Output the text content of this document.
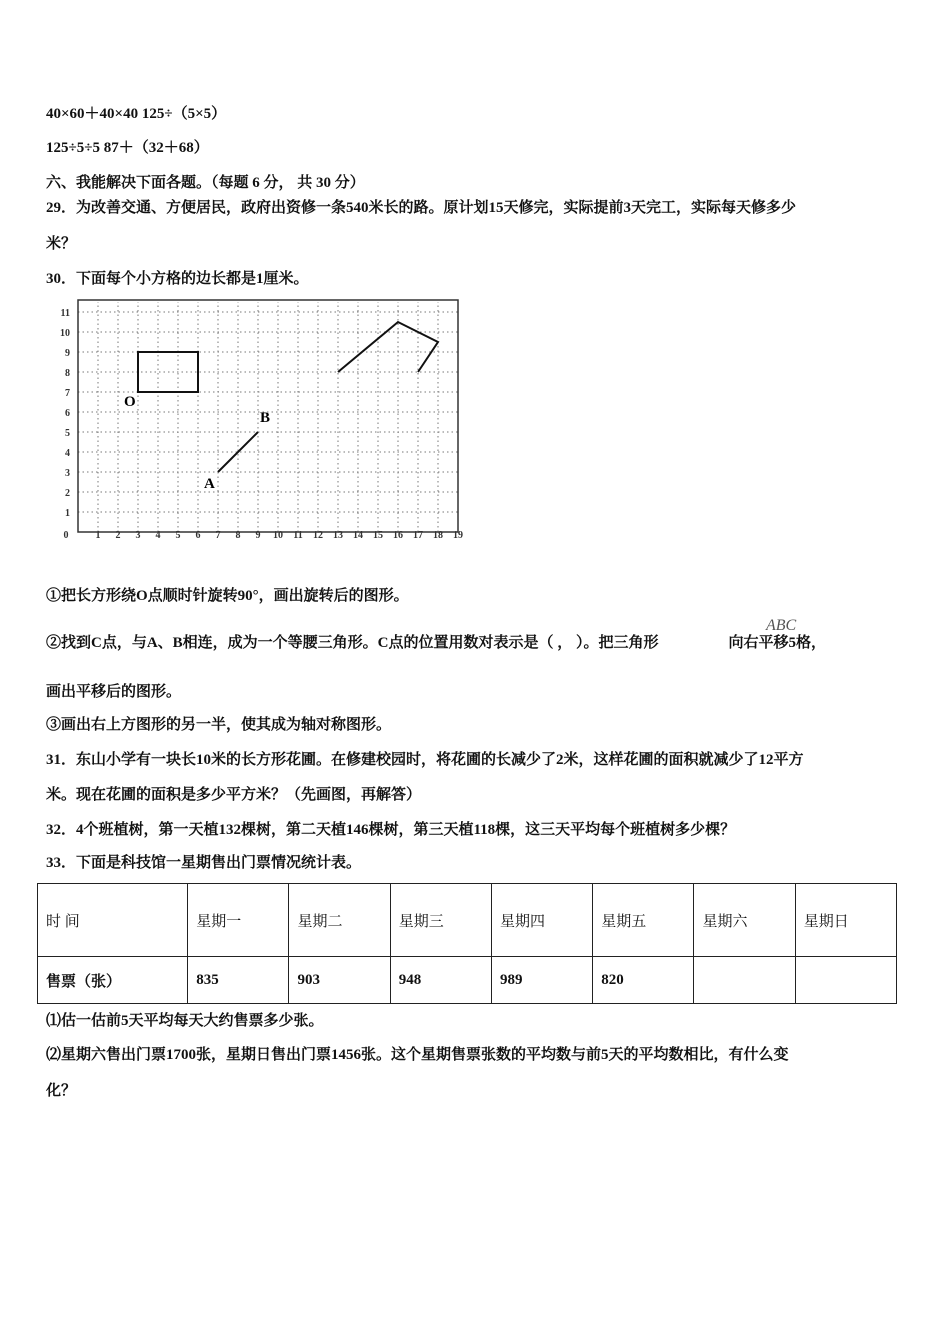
40×60＋40×40 125÷（5×5）
125÷5÷5 87＋（32＋68）
六、我能解决下面各题。（每题 6 分， 共 30 分）
29．为改善交通、方便居民，政府出资修一条540米长的路。原计划15天修完，实际提前3天完工，实际每天修多少
米？
30．下面每个小方格的边长都是1厘米。
0	1 2 3 4 5 6 7 8 9 10 11 12 13 14 15 16 17 18 19
1
2
3
4
5
6
7
8
9
10
11
O
A
B
①把长方形绕O点顺时针旋转90°，画出旋转后的图形。
②找到C点，与A、B相连，成为一个等腰三角形。C点的位置用数对表示是（ ， ）。把三角形	向右平移5格，
ABC
画出平移后的图形。
③画出右上方图形的另一半，使其成为轴对称图形。
31．东山小学有一块长10米的长方形花圃。在修建校园时，将花圃的长减少了2米，这样花圃的面积就减少了12平方
米。现在花圃的面积是多少平方米？（先画图，再解答）
32．4个班植树，第一天植132棵树，第二天植146棵树，第三天植118棵，这三天平均每个班植树多少棵？
33．下面是科技馆一星期售出门票情况统计表。
时 间	星期一	星期二	星期三	星期四	星期五	星期六	星期日
售票（张）	835	903	948	989	820		
⑴估一估前5天平均每天大约售票多少张。
⑵星期六售出门票1700张，星期日售出门票1456张。这个星期售票张数的平均数与前5天的平均数相比，有什么变
化？
